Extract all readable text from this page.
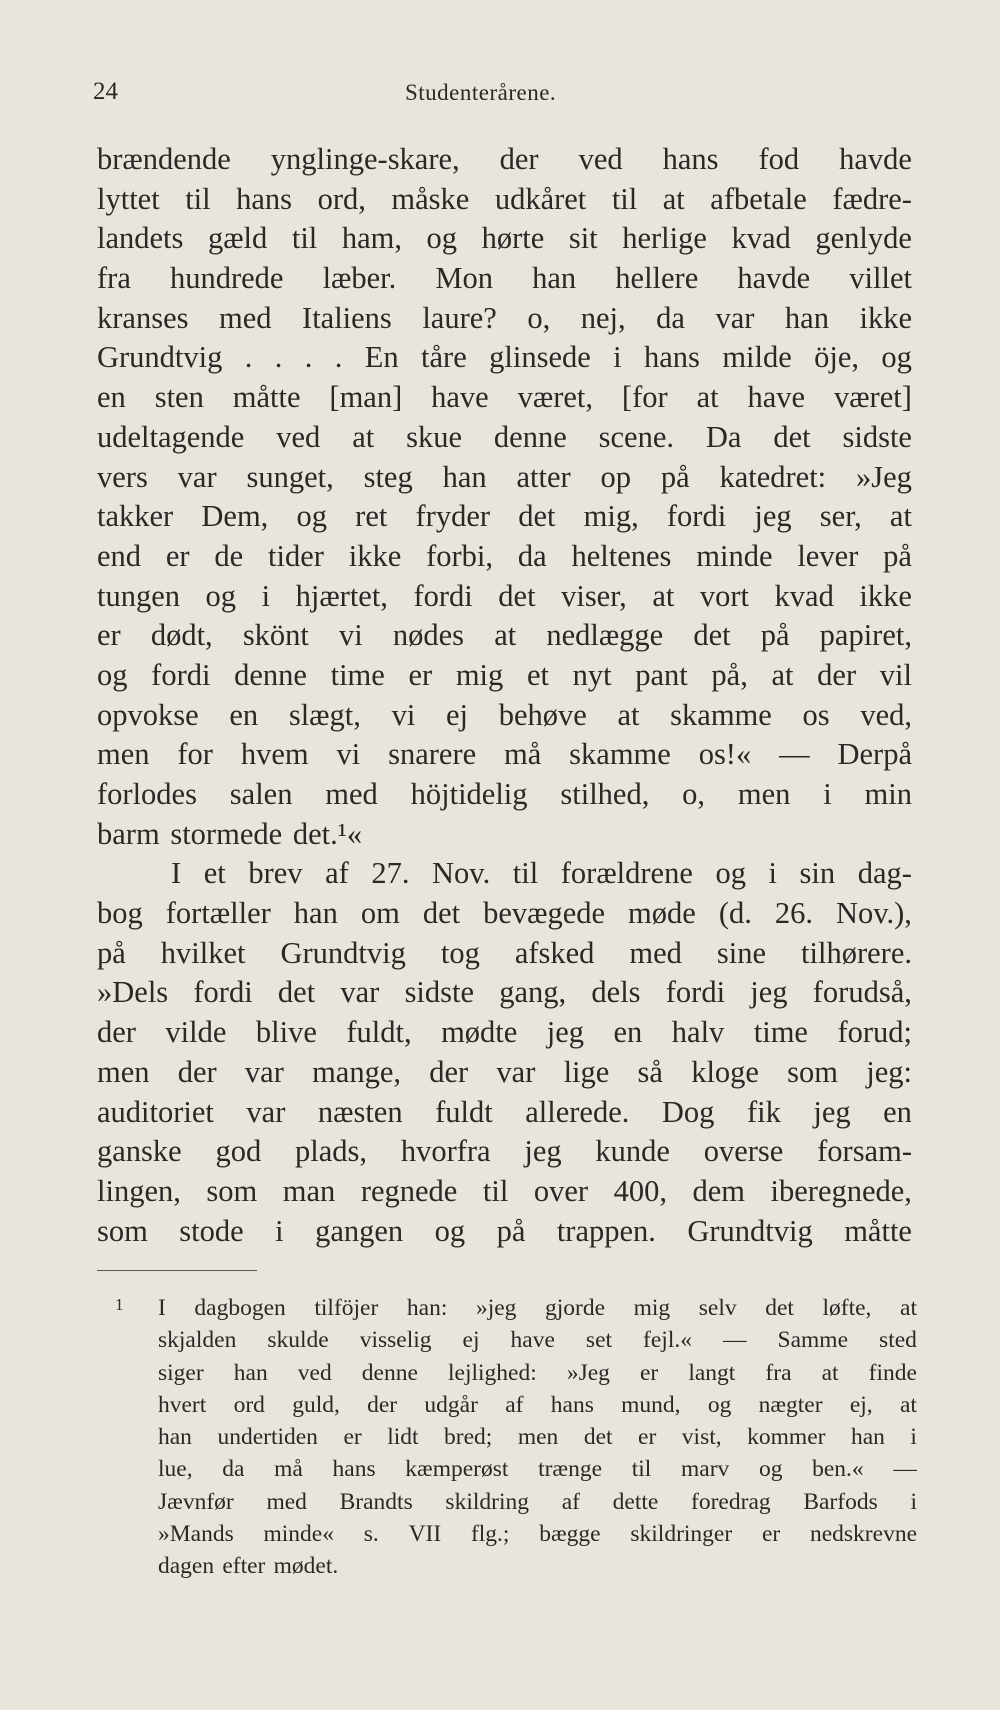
24	Studenterårene.
brændende ynglinge-skare, der ved hans fod havde
lyttet til hans ord, måske udkåret til at afbetale fædre-
landets gæld til ham, og hørte sit herlige kvad genlyde
fra hundrede læber. Mon han hellere havde villet
kranses med Italiens laure? o, nej, da var han ikke
Grundtvig . . . . En tåre glinsede i hans milde öje, og
en sten måtte [man] have været, [for at have været]
udeltagende ved at skue denne scene. Da det sidste
vers var sunget, steg han atter op på katedret: »Jeg
takker Dem, og ret fryder det mig, fordi jeg ser, at
end er de tider ikke forbi, da heltenes minde lever på
tungen og i hjærtet, fordi det viser, at vort kvad ikke
er dødt, skönt vi nødes at nedlægge det på papiret,
og fordi denne time er mig et nyt pant på, at der vil
opvokse en slægt, vi ej behøve at skamme os ved,
men for hvem vi snarere må skamme os!« — Derpå
forlodes salen med höjtidelig stilhed, o, men i min
barm stormede det.¹«
I et brev af 27. Nov. til forældrene og i sin dag-
bog fortæller han om det bevægede møde (d. 26. Nov.),
på hvilket Grundtvig tog afsked med sine tilhørere.
»Dels fordi det var sidste gang, dels fordi jeg forudså,
der vilde blive fuldt, mødte jeg en halv time forud;
men der var mange, der var lige så kloge som jeg:
auditoriet var næsten fuldt allerede. Dog fik jeg en
ganske god plads, hvorfra jeg kunde overse forsam-
lingen, som man regnede til over 400, dem iberegnede,
som stode i gangen og på trappen. Grundtvig måtte
1 I dagbogen tilföjer han: »jeg gjorde mig selv det løfte, at
skjalden skulde visselig ej have set fejl.« — Samme sted
siger han ved denne lejlighed: »Jeg er langt fra at finde
hvert ord guld, der udgår af hans mund, og nægter ej, at
han undertiden er lidt bred; men det er vist, kommer han i
lue, da må hans kæmperøst trænge til marv og ben.« —
Jævnfør med Brandts skildring af dette foredrag Barfods i
»Mands minde« s. VII flg.; bægge skildringer er nedskrevne
dagen efter mødet.
